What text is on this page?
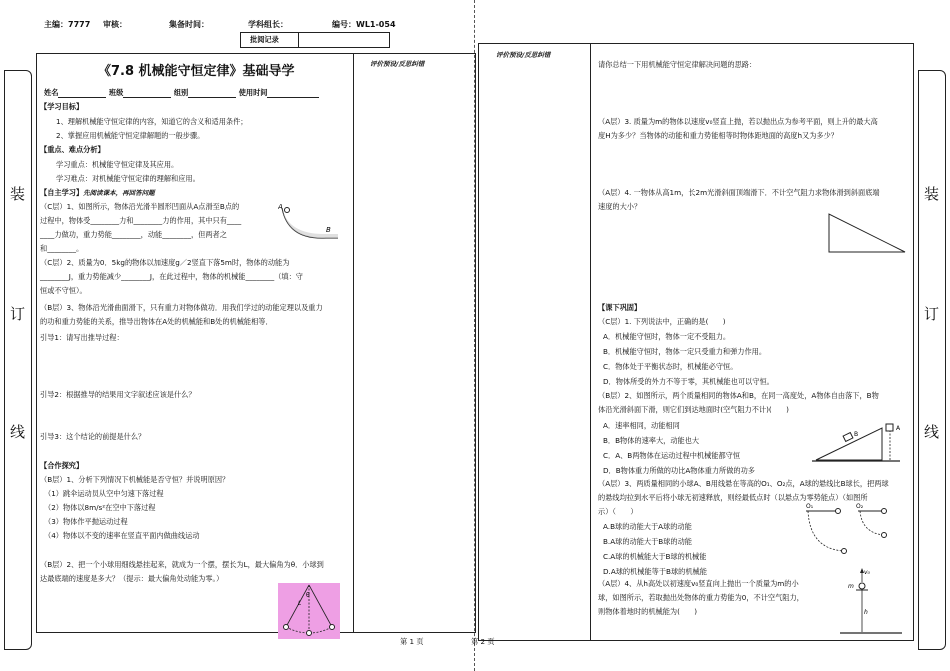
主编：7777 审核：	集备时间：	学科组长：	编号：WL1-054

批阅记录

装
订
线
装
订
线

评价预设/反思纠错

《7.8 机械能守恒定律》基础导学

姓名	班级	组别	使用时间

【学习目标】

1、理解机械能守恒定律的内容，知道它的含义和适用条件；

2、掌握应用机械能守恒定律解题的一般步骤。

【重点、难点分析】

学习重点：机械能守恒定律及其应用。

学习难点：对机械能守恒定律的理解和应用。

【自主学习】先阅读课本，再回答问题

（C层）1、如图所示，物体沿光滑半圆形凹面从A点滑至B点的

过程中，物体受________力和________力的作用，其中只有____

____力做功，重力势能________，动能________，但两者之

和________。

A
B

（C层）2、质量为0．5kg的物体以加速度g／2竖直下落5m时，物体的动能为

________J，重力势能减少________J，在此过程中，物体的机械能________（填：守

恒或不守恒）。

（B层）3、物体沿光滑曲面滑下，只有重力对物体做功．用我们学过的动能定理以及重力

的功和重力势能的关系，推导出物体在A处的机械能和B处的机械能相等．

引导1：请写出推导过程：

引导2：根据推导的结果用文字叙述应该是什么？

引导3：这个结论的前提是什么？

【合作探究】

（B层）1、分析下列情况下机械能是否守恒？并说明原因？

（1）跳伞运动员从空中匀速下落过程

（2）物体以8m/s²在空中下落过程

（3）物体作平抛运动过程

（4）物体以不变的速率在竖直平面内做曲线运动

（B层）2、把一个小球用细线悬挂起来，就成为一个摆，摆长为L，最大偏角为θ．小球到

达最底端的速度是多大？（提示：最大偏角处动能为零。）

θ
L

第 1 页

评价预设/反思纠错

请你总结一下用机械能守恒定律解决问题的思路：

（A层）3. 质量为m的物体以速度v₀竖直上抛，若以抛出点为参考平面，则上升的最大高

度H为多少？当物体的动能和重力势能相等时物体距地面的高度h又为多少？

（A层）4. 一物体从高1m，长2m光滑斜面顶端滑下．不计空气阻力求物体滑到斜面底端

速度的大小？

【课下巩固】

（C层）1. 下列说法中，正确的是(　　)

A．机械能守恒时，物体一定不受阻力。

B．机械能守恒时，物体一定只受重力和弹力作用。

C．物体处于平衡状态时，机械能必守恒。

D．物体所受的外力不等于零，其机械能也可以守恒。

（B层）2、如图所示，两个质量相同的物体A和B，在同一高度处，A物体自由落下，B物

体沿光滑斜面下滑，则它们到达地面时(空气阻力不计)(　　)

A．速率相同，动能相同

B．B物体的速率大，动能也大

C．A、B两物体在运动过程中机械能都守恒

D．B物体重力所做的功比A物体重力所做的功多

B
A

（A层）3、两质量相同的小球A、B用线悬在等高的O₁、O₂点，A球的悬线比B球长，把两球

的悬线均拉到水平后将小球无初速释放，则经最低点时（以悬点为零势能点）（如图所

示）（　　）

A.B球的动能大于A球的动能

B.A球的动能大于B球的动能

C.A球的机械能大于B球的机械能

D.A球的机械能等于B球的机械能

O₁	O₂

（A层）4、从h高处以初速度v₀竖直向上抛出一个质量为m的小

球，如图所示，若取抛出处物体的重力势能为0，不计空气阻力，

则物体着地时的机械能为(　　)

v₀
m
h

第 2 页
